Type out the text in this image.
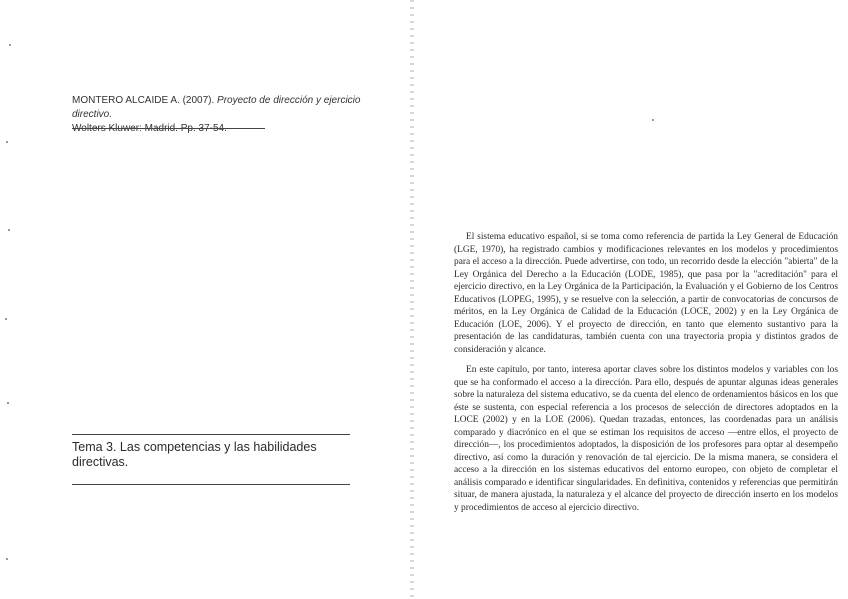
MONTERO ALCAIDE A. (2007). Proyecto de dirección y ejercicio directivo.

Tema 3. Las competencias y las habilidades directivas.

El sistema educativo español, si se toma como referencia de partida la Ley General de Educación (LGE, 1970), ha registrado cambios y modificaciones relevantes en los modelos y procedimientos para el acceso a la dirección. Puede advertirse, con todo, un recorrido desde la elección "abierta" de la Ley Orgánica del Derecho a la Educación (LODE, 1985), que pasa por la "acreditación" para el ejercicio directivo, en la Ley Orgánica de la Participación, la Evaluación y el Gobierno de los Centros Educativos (LOPEG, 1995), y se resuelve con la selección, a partir de convocatorias de concursos de méritos, en la Ley Orgánica de Calidad de la Educación (LOCE, 2002) y en la Ley Orgánica de Educación (LOE, 2006). Y el proyecto de dirección, en tanto que elemento sustantivo para la presentación de las candidaturas, también cuenta con una trayectoria propia y distintos grados de consideración y alcance.

En este capítulo, por tanto, interesa aportar claves sobre los distintos modelos y variables con los que se ha conformado el acceso a la dirección. Para ello, después de apuntar algunas ideas generales sobre la naturaleza del sistema educativo, se da cuenta del elenco de ordenamientos básicos en los que éste se sustenta, con especial referencia a los procesos de selección de directores adoptados en la LOCE (2002) y en la LOE (2006). Quedan trazadas, entonces, las coordenadas para un análisis comparado y diacrónico en el que se estiman los requisitos de acceso —entre ellos, el proyecto de dirección—, los procedimientos adoptados, la disposición de los profesores para optar al desempeño directivo, así como la duración y renovación de tal ejercicio. De la misma manera, se considera el acceso a la dirección en los sistemas educativos del entorno europeo, con objeto de completar el análisis comparado e identificar singularidades. En definitiva, contenidos y referencias que permitirán situar, de manera ajustada, la naturaleza y el alcance del proyecto de dirección inserto en los modelos y procedimientos de acceso al ejercicio directivo.
